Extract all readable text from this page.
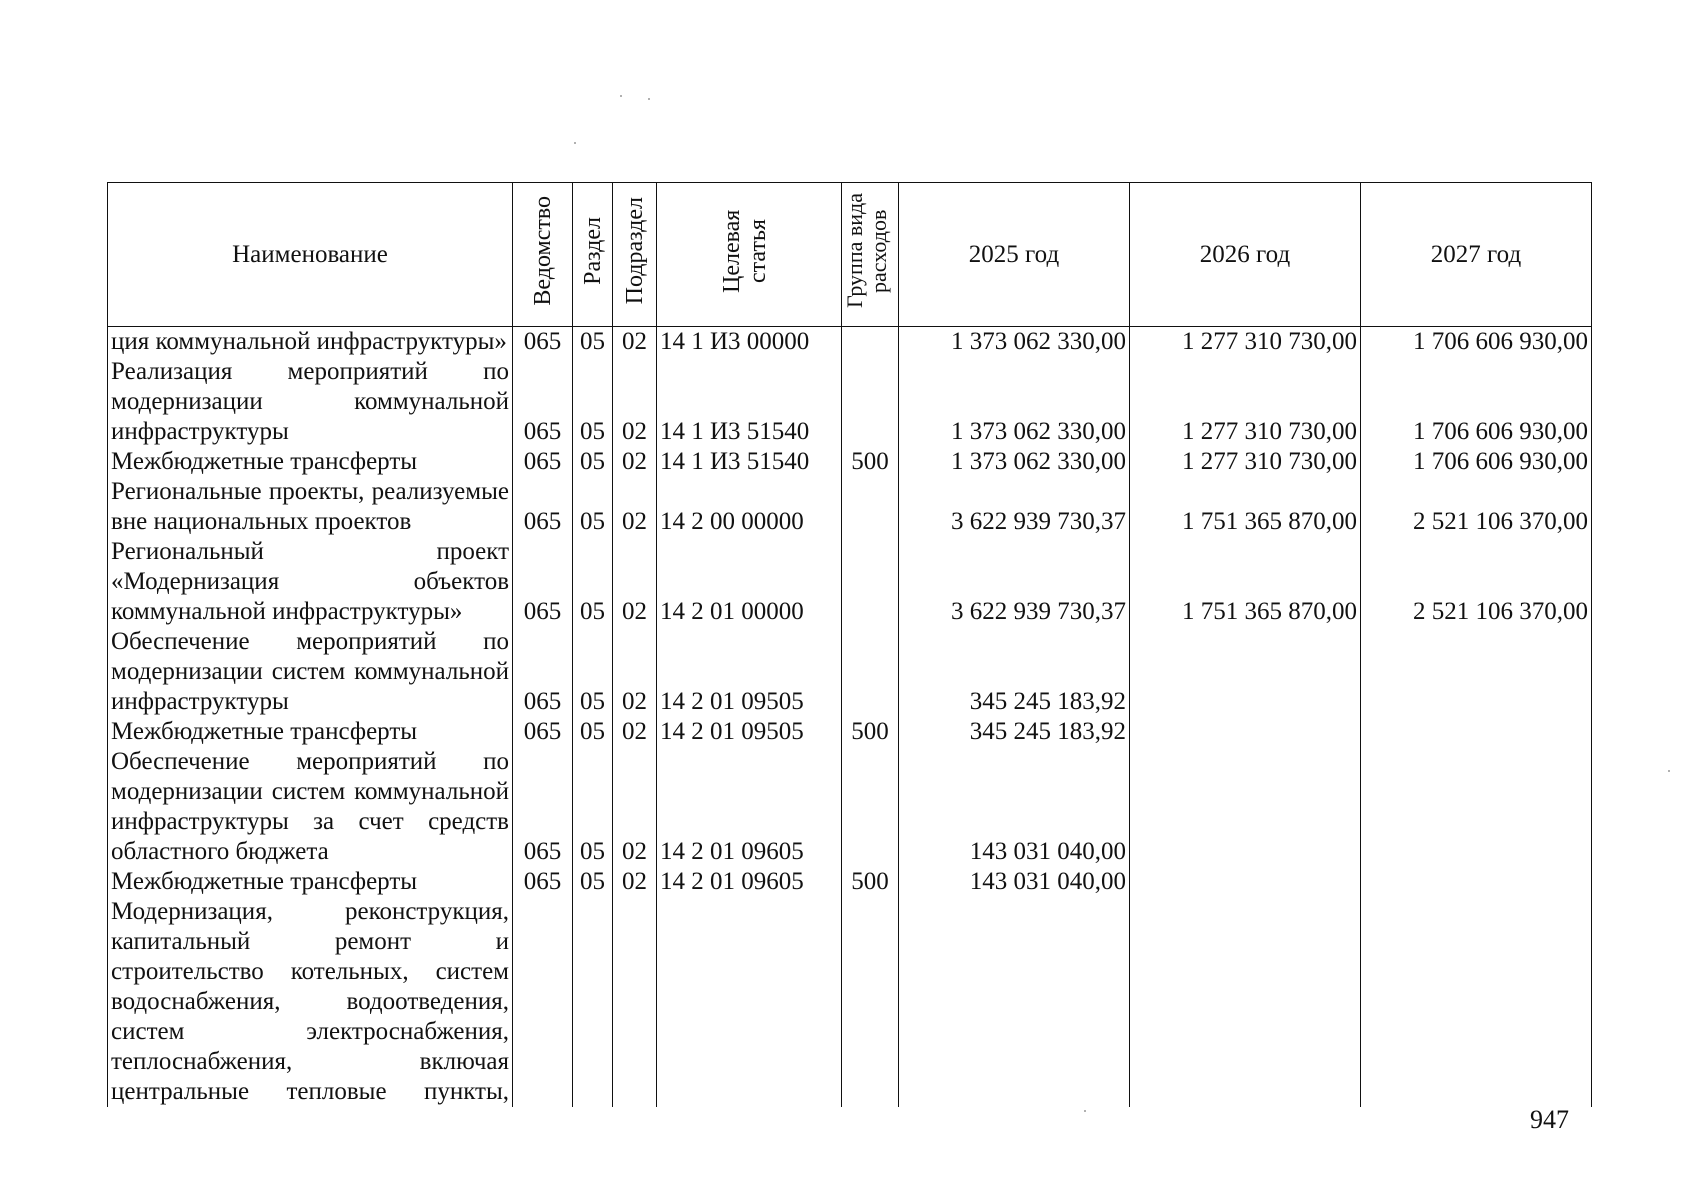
Наименование	Ведомство	Раздел	Подраздел	Целевая статья	Группа вида расходов	2025 год	2026 год	2027 год
ция коммунальной инфраструктуры»	065	05	02	14 1 И3 00000		1 373 062 330,00	1 277 310 730,00	1 706 606 930,00
Реализация мероприятий по модернизации коммунальной инфраструктуры	065	05	02	14 1 И3 51540		1 373 062 330,00	1 277 310 730,00	1 706 606 930,00
Межбюджетные трансферты	065	05	02	14 1 И3 51540	500	1 373 062 330,00	1 277 310 730,00	1 706 606 930,00
Региональные проекты, реализуемые вне национальных проектов	065	05	02	14 2 00 00000		3 622 939 730,37	1 751 365 870,00	2 521 106 370,00
Региональный проект «Модернизация объектов коммунальной инфраструктуры»	065	05	02	14 2 01 00000		3 622 939 730,37	1 751 365 870,00	2 521 106 370,00
Обеспечение мероприятий по модернизации систем коммунальной инфраструктуры	065	05	02	14 2 01 09505		345 245 183,92		
Межбюджетные трансферты	065	05	02	14 2 01 09505	500	345 245 183,92		
Обеспечение мероприятий по модернизации систем коммунальной инфраструктуры за счет средств областного бюджета	065	05	02	14 2 01 09605		143 031 040,00		
Межбюджетные трансферты	065	05	02	14 2 01 09605	500	143 031 040,00		
Модернизация, реконструкция, капитальный ремонт и строительство котельных, систем водоснабжения, водоотведения, систем электроснабжения, теплоснабжения, включая центральные тепловые пункты,								
947
